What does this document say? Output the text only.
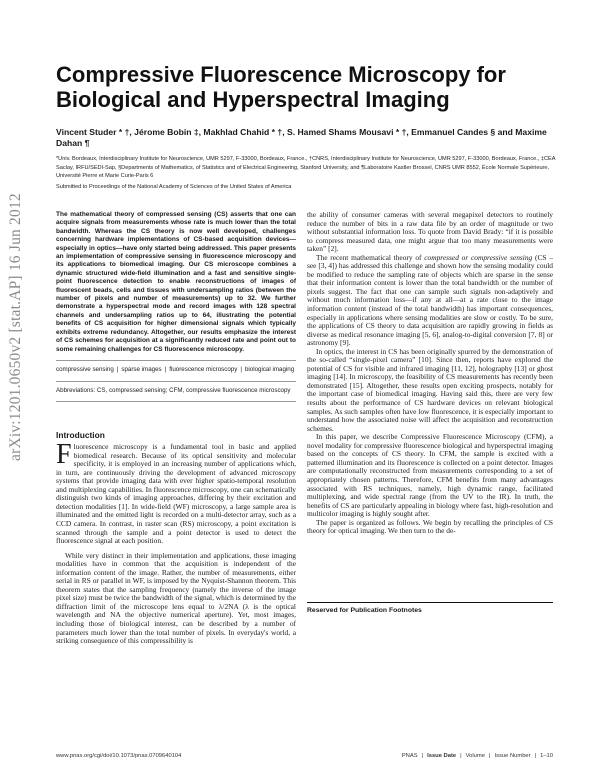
arXiv:1201.0650v2 [stat.AP] 16 Jun 2012
Compressive Fluorescence Microscopy for Biological and Hyperspectral Imaging
Vincent Studer * †, Jérome Bobin ‡, Makhlad Chahid * †, S. Hamed Shams Mousavi * †, Emmanuel Candes § and Maxime Dahan ¶
*Univ. Bordeaux, Interdisciplinary Institute for Neuroscience, UMR 5297, F-33000, Bordeaux, France., †CNRS, Interdisciplinary Institute for Neuroscience, UMR 5297, F-33000, Bordeaux, France., ‡CEA Saclay, IRFU/SEDI-Sap, §Departments of Mathematics, of Statistics and of Electrical Engineering, Stanford University, and ¶Laboratoire Kastler Brossel, CNRS UMR 8552, École Normale Supérieure, Université Pierre et Marie Curie-Paris 6
Submitted to Proceedings of the National Academy of Sciences of the United States of America

The mathematical theory of compressed sensing (CS) asserts that one can acquire signals from measurements whose rate is much lower than the total bandwidth. Whereas the CS theory is now well developed, challenges concerning hardware implementations of CS-based acquisition devices—especially in optics—have only started being addressed. This paper presents an implementation of compressive sensing in fluorescence microscopy and its applications to biomedical imaging. Our CS microscope combines a dynamic structured wide-field illumination and a fast and sensitive single-point fluorescence detection to enable reconstructions of images of fluorescent beads, cells and tissues with undersampling ratios (between the number of pixels and number of measurements) up to 32. We further demonstrate a hyperspectral mode and record images with 128 spectral channels and undersampling ratios up to 64, illustrating the potential benefits of CS acquisition for higher dimensional signals which typically exhibits extreme redundancy. Altogether, our results emphasize the interest of CS schemes for acquisition at a significantly reduced rate and point out to some remaining challenges for CS fluorescence microscopy.

compressive sensing | sparse images | fluorescence microscopy | biological imaging
Abbreviations: CS, compressed sensing; CFM, compressive fluorescence microscopy
Introduction

Fluorescence microscopy is a fundamental tool in basic and applied biomedical research. Because of its optical sensitivity and molecular specificity, it is employed in an increasing number of applications which, in turn, are continuously driving the development of advanced microscopy systems that provide imaging data with ever higher spatio-temporal resolution and multiplexing capabilities. In fluorescence microscopy, one can schematically distinguish two kinds of imaging approaches, differing by their excitation and detection modalities [1]. In wide-field (WF) microscopy, a large sample area is illuminated and the emitted light is recorded on a multi-detector array, such as a CCD camera. In contrast, in raster scan (RS) microscopy, a point excitation is scanned through the sample and a point detector is used to detect the fluorescence signal at each position.

While very distinct in their implementation and applications, these imaging modalities have in common that the acquisition is independent of the information content of the image. Rather, the number of measurements, either serial in RS or parallel in WF, is imposed by the Nyquist-Shannon theorem. This theorem states that the sampling frequency (namely the inverse of the image pixel size) must be twice the bandwidth of the signal, which is determined by the diffraction limit of the microscope lens equal to λ/2NA (λ is the optical wavelength and NA the objective numerical aperture). Yet, most images, including those of biological interest, can be described by a number of parameters much lower than the total number of pixels. In everyday's world, a striking consequence of this compressibility is

the ability of consumer cameras with several megapixel detectors to routinely reduce the number of bits in a raw data file by an order of magnitude or two without substantial information loss. To quote from David Brady: “if it is possible to compress measured data, one might argue that too many measurements were taken” [2].

The recent mathematical theory of compressed or compressive sensing (CS – see [3, 4]) has addressed this challenge and shown how the sensing modality could be modified to reduce the sampling rate of objects which are sparse in the sense that their information content is lower than the total bandwidth or the number of pixels suggest. The fact that one can sample such signals non-adaptively and without much information loss—if any at all—at a rate close to the image information content (instead of the total bandwidth) has important consequences, especially in applications where sensing modalities are slow or costly. To be sure, the applications of CS theory to data acquisition are rapidly growing in fields as diverse as medical resonance imaging [5, 6], analog-to-digital conversion [7, 8] or astronomy [9].

In optics, the interest in CS has been originally spurred by the demonstration of the so-called “single-pixel camera” [10]. Since then, reports have explored the potential of CS for visible and infrared imaging [11, 12], holography [13] or ghost imaging [14]. In microscopy, the feasibility of CS measurements has recently been demonstrated [15]. Altogether, these results open exciting prospects, notably for the important case of biomedical imaging. Having said this, there are very few results about the performance of CS hardware devices on relevant biological samples. As such samples often have low fluorescence, it is especially important to understand how the associated noise will affect the acquisition and reconstruction schemes.

In this paper, we describe Compressive Fluorescence Microscopy (CFM), a novel modality for compressive fluorescence biological and hyperspectral imaging based on the concepts of CS theory. In CFM, the sample is excited with a patterned illumination and its fluorescence is collected on a point detector. Images are computationally reconstructed from measurements corresponding to a set of appropriately chosen patterns. Therefore, CFM benefits from many advantages associated with RS techniques, namely, high dynamic range, facilitated multiplexing, and wide spectral range (from the UV to the IR). In truth, the benefits of CS are particularly appealing in biology where fast, high-resolution and multicolor imaging is highly sought after.

The paper is organized as follows. We begin by recalling the principles of CS theory for optical imaging. We then turn to the de-

Reserved for Publication Footnotes
www.pnas.org/cgi/doi/10.1073/pnas.0709640104	PNAS | Issue Date | Volume | Issue Number | 1–10
